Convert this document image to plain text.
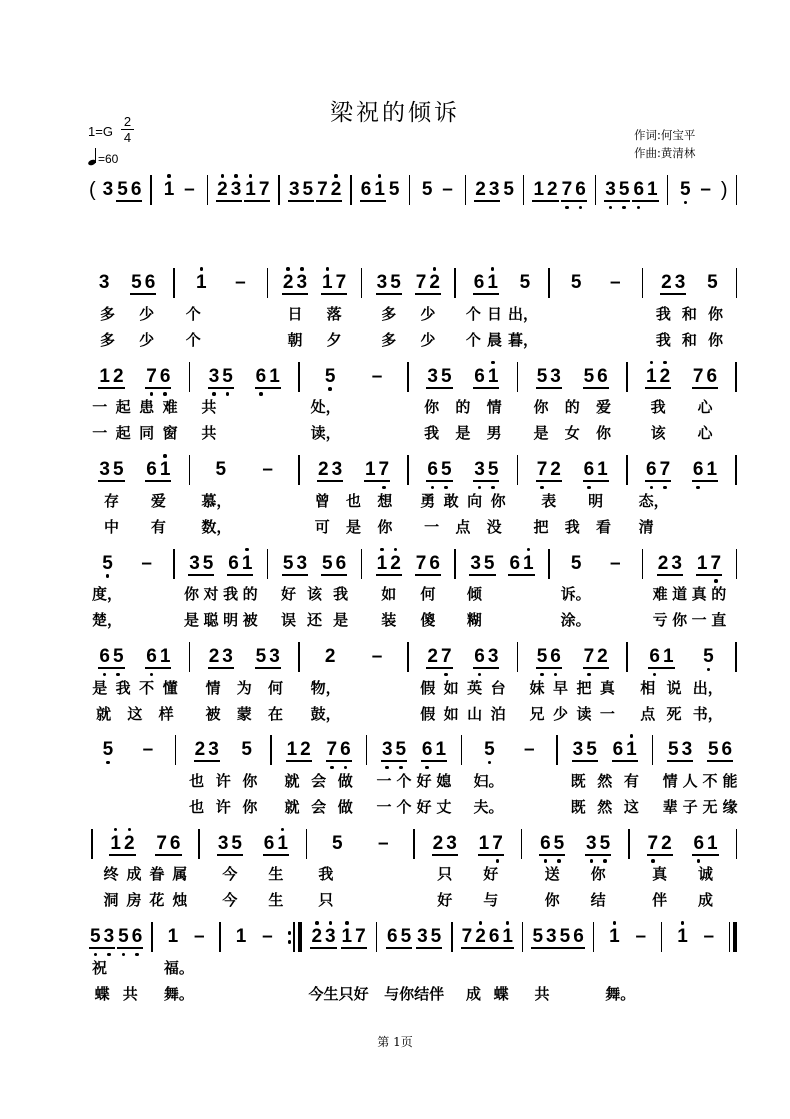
梁祝的倾诉
1=G
2
4
=60
作词:何宝平
作曲:黄清林
( 3 5 6 1 – 2 3 1 7 3 5 7 2 6 1 5 5 – 2 3 5 1 2 7 6 3 5 6 1 5 – )
3 5 6
多 少
多 少
1 –
个
个
2 3 1 7
日 落
朝 夕
3 5 7 2
多 少
多 少
6 1 5
个 日 出，
个 晨 暮，
5 – 2 3 5
我 和 你
我 和 你
1 2 7 6
一 起 患 难
一 起 同 窗
3 5 6 1
共
共
5 –
处，
读，
3 5 6 1
你 的 情
我 是 男
5 3 5 6
你 的 爱
是 女 你
1 2 7 6
我 心
该 心
3 5 6 1
存 爱
中 有
5 –
慕，
数，
2 3 1 7
曾 也 想
可 是 你
6 5 3 5
勇 敢 向 你
一 点 没
7 2 6 1
表 明
把 我 看
6 7 6 1
态，
清
5 –
度，
楚，
3 5 6 1
你 对 我 的
是 聪 明 被
5 3 5 6
好 该 我
误 还 是
1 2 7 6
如 何
装 傻
3 5 6 1
倾
糊
5 –
诉。
涂。
2 3 1 7
难 道 真 的
亏 你 一 直
6 5 6 1
是 我 不 懂
就 这 样
2 3 5 3
情 为 何
被 蒙 在
2 –
物，
鼓，
2 7 6 3
假 如 英 台
假 如 山 泊
5 6 7 2
妹 早 把 真
兄 少 读 一
6 1 5
相 说 出，
点 死 书，
5 – 2 3 5
也 许 你
也 许 你
1 2 7 6
就 会 做
就 会 做
3 5 6 1
一 个 好 媳
一 个 好 丈
5 –
妇。
夫。
3 5 6 1
既 然 有
既 然 这
5 3 5 6
情 人 不 能
辈 子 无 缘
1 2 7 6
终 成 眷 属
洞 房 花 烛
3 5 6 1
今 生
今 生
5 –
我
只
2 3 1 7
只 好
好 与
6 5 3 5
送 你
你 结
7 2 6 1
真 诚
伴 成
5 3 5 6
祝
蝶 共
1 –
福。
舞。
1 – 2 3 1 7
今 生 只 好
6 5 3 5
与 你 结 伴
7 2 6 1
成 蝶
5 3 5 6
共
1 –
舞。
1 –
第 1页
